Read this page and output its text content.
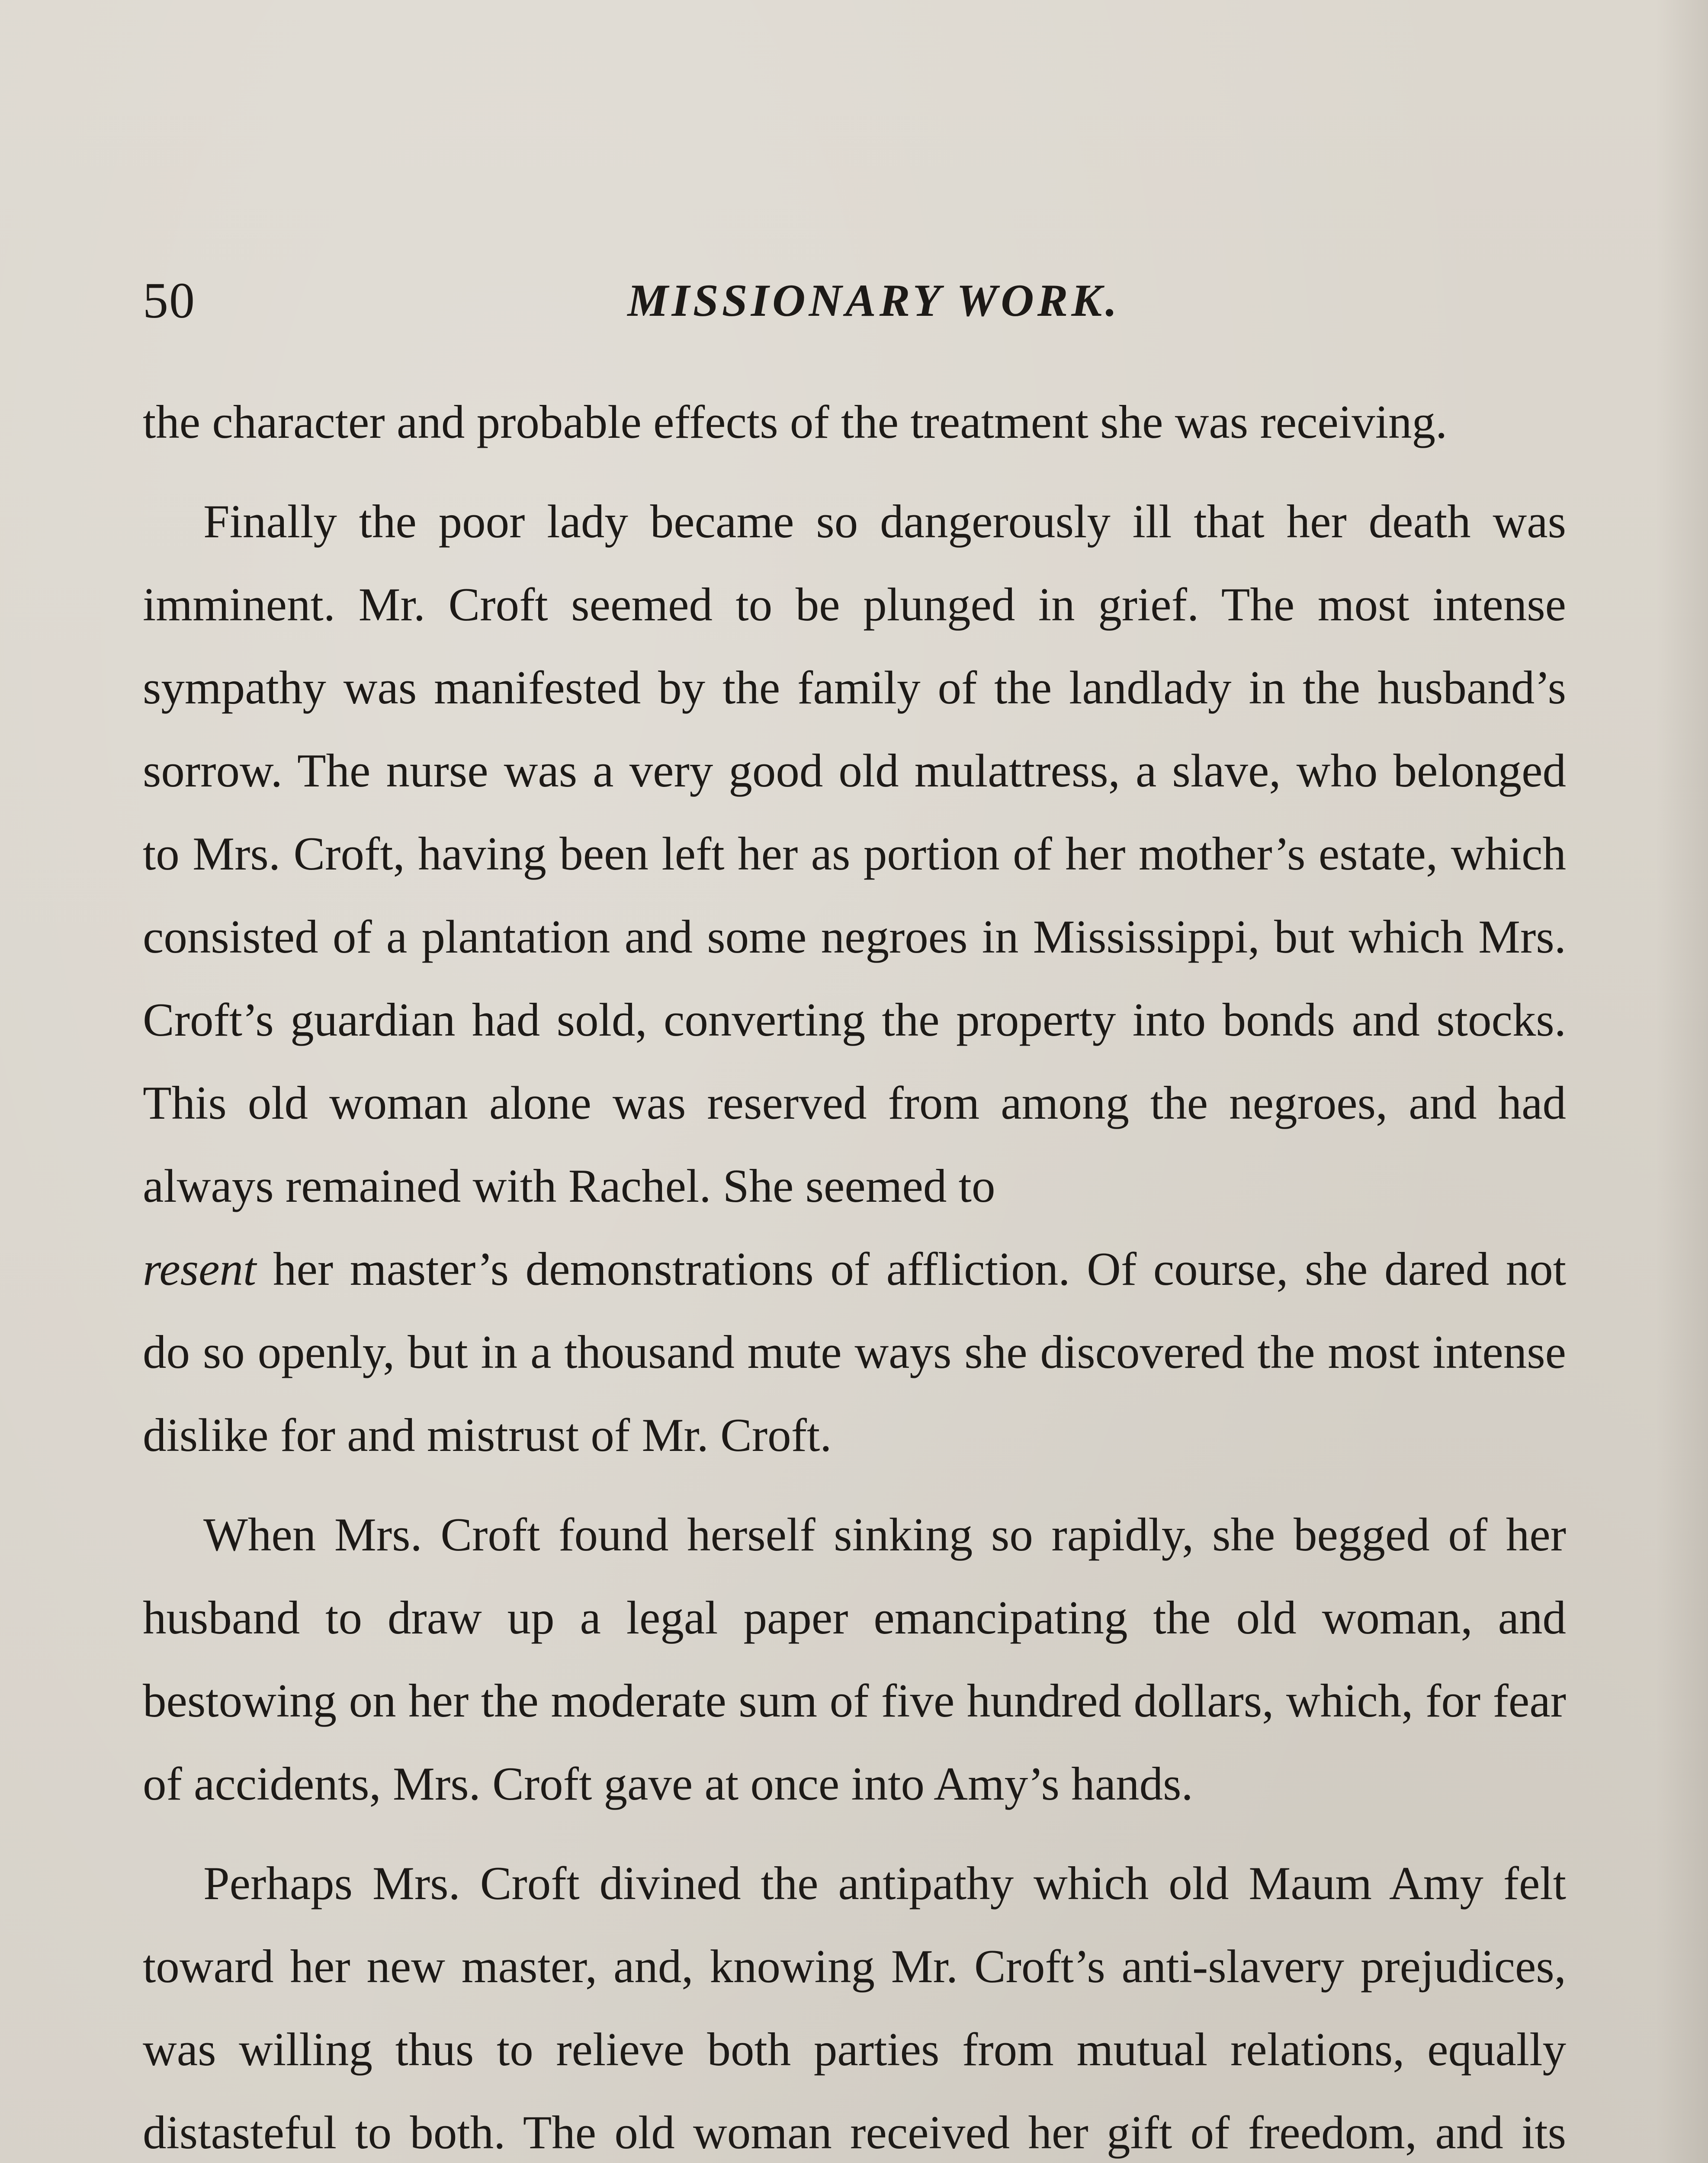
50	MISSIONARY WORK.

the character and probable effects of the treatment she was receiving.

Finally the poor lady became so dangerously ill that her death was imminent. Mr. Croft seemed to be plunged in grief. The most intense sympathy was manifested by the family of the landlady in the husband’s sorrow. The nurse was a very good old mulattress, a slave, who belonged to Mrs. Croft, having been left her as portion of her mother’s estate, which consisted of a plantation and some negroes in Mississippi, but which Mrs. Croft’s guardian had sold, converting the property into bonds and stocks. This old woman alone was reserved from among the negroes, and had always remained with Rachel. She seemed to
resent her master’s demonstrations of affliction. Of course, she dared not do so openly, but in a thousand mute ways she discovered the most intense dislike for and mistrust of Mr. Croft.

When Mrs. Croft found herself sinking so rapidly, she begged of her husband to draw up a legal paper emancipating the old woman, and bestowing on her the moderate sum of five hundred dollars, which, for fear of accidents, Mrs. Croft gave at once into Amy’s hands.

Perhaps Mrs. Croft divined the antipathy which old Maum Amy felt toward her new master, and, knowing Mr. Croft’s anti-slavery prejudices, was willing thus to relieve both parties from mutual relations, equally distasteful to both. The old woman received her gift of freedom, and its
